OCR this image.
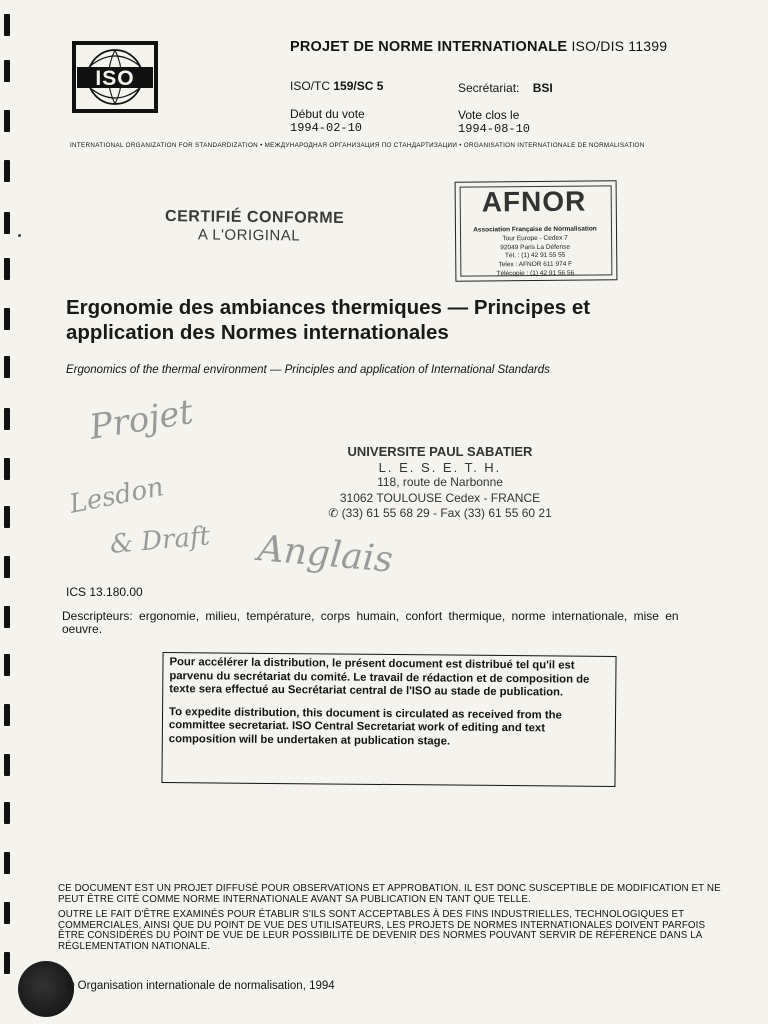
ISO
PROJET DE NORME INTERNATIONALE ISO/DIS 11399
ISO/TC 159/SC 5	Secrétariat: BSI
Début du vote
1994-02-10
Vote clos le
1994-08-10
INTERNATIONAL ORGANIZATION FOR STANDARDIZATION • МЕЖДУНАРОДНАЯ ОРГАНИЗАЦИЯ ПО СТАНДАРТИЗАЦИИ • ORGANISATION INTERNATIONALE DE NORMALISATION
CERTIFIÉ CONFORME
A L'ORIGINAL
AFNOR
Association Française de Normalisation
Tour Europe - Cedex 7
92049 Paris La Défense
Tél. : (1) 42 91 55 55
Telex : AFNOR 611 974 F
Télécopie : (1) 42 91 56 56
Ergonomie des ambiances thermiques — Principes et
application des Normes internationales
Ergonomics of the thermal environment — Principles and application of International Standards
Projet
Lesdon
& Draft Anglais
UNIVERSITE PAUL SABATIER
L. E. S. E. T. H.
118, route de Narbonne
31062 TOULOUSE Cedex - FRANCE
✆ (33) 61 55 68 29 - Fax (33) 61 55 60 21
ICS 13.180.00
Descripteurs: ergonomie, milieu, température, corps humain, confort thermique, norme internationale, mise en oeuvre.

Pour accélérer la distribution, le présent document est distribué tel qu'il est parvenu du secrétariat du comité. Le travail de rédaction et de composition de texte sera effectué au Secrétariat central de l'ISO au stade de publication.

To expedite distribution, this document is circulated as received from the committee secretariat. ISO Central Secretariat work of editing and text composition will be undertaken at publication stage.

CE DOCUMENT EST UN PROJET DIFFUSÉ POUR OBSERVATIONS ET APPROBATION. IL EST DONC SUSCEPTIBLE DE MODIFICATION ET NE PEUT ÊTRE CITÉ COMME NORME INTERNATIONALE AVANT SA PUBLICATION EN TANT QUE TELLE.
OUTRE LE FAIT D'ÊTRE EXAMINÉS POUR ÉTABLIR S'ILS SONT ACCEPTABLES À DES FINS INDUSTRIELLES, TECHNOLOGIQUES ET COMMERCIALES, AINSI QUE DU POINT DE VUE DES UTILISATEURS, LES PROJETS DE NORMES INTERNATIONALES DOIVENT PARFOIS ÊTRE CONSIDÉRÉS DU POINT DE VUE DE LEUR POSSIBILITÉ DE DEVENIR DES NORMES POUVANT SERVIR DE RÉFÉRENCE DANS LA RÉGLEMENTATION NATIONALE.
© Organisation internationale de normalisation, 1994
